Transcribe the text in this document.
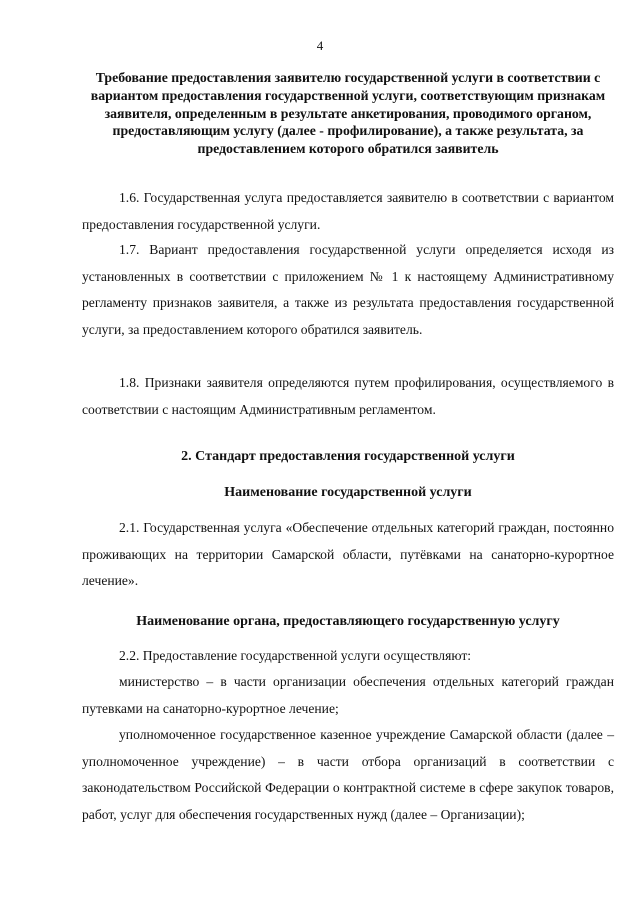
4
Требование предоставления заявителю государственной услуги в соответствии с вариантом предоставления государственной услуги, соответствующим признакам заявителя, определенным в результате анкетирования, проводимого органом, предоставляющим услугу (далее - профилирование), а также результата, за предоставлением которого обратился заявитель
1.6. Государственная услуга предоставляется заявителю в соответствии с вариантом предоставления государственной услуги.
1.7. Вариант предоставления государственной услуги определяется исходя из установленных в соответствии с приложением № 1 к настоящему Административному регламенту признаков заявителя, а также из результата предоставления государственной услуги, за предоставлением которого обратился заявитель.
1.8. Признаки заявителя определяются путем профилирования, осуществляемого в соответствии с настоящим Административным регламентом.
2. Стандарт предоставления государственной услуги
Наименование государственной услуги
2.1. Государственная услуга «Обеспечение отдельных категорий граждан, постоянно проживающих на территории Самарской области, путёвками на санаторно-курортное лечение».
Наименование органа, предоставляющего государственную услугу
2.2. Предоставление государственной услуги осуществляют:
министерство – в части организации обеспечения отдельных категорий граждан путевками на санаторно-курортное лечение;
уполномоченное государственное казенное учреждение Самарской области (далее – уполномоченное учреждение) – в части отбора организаций в соответствии с законодательством Российской Федерации о контрактной системе в сфере закупок товаров, работ, услуг для обеспечения государственных нужд (далее – Организации);
